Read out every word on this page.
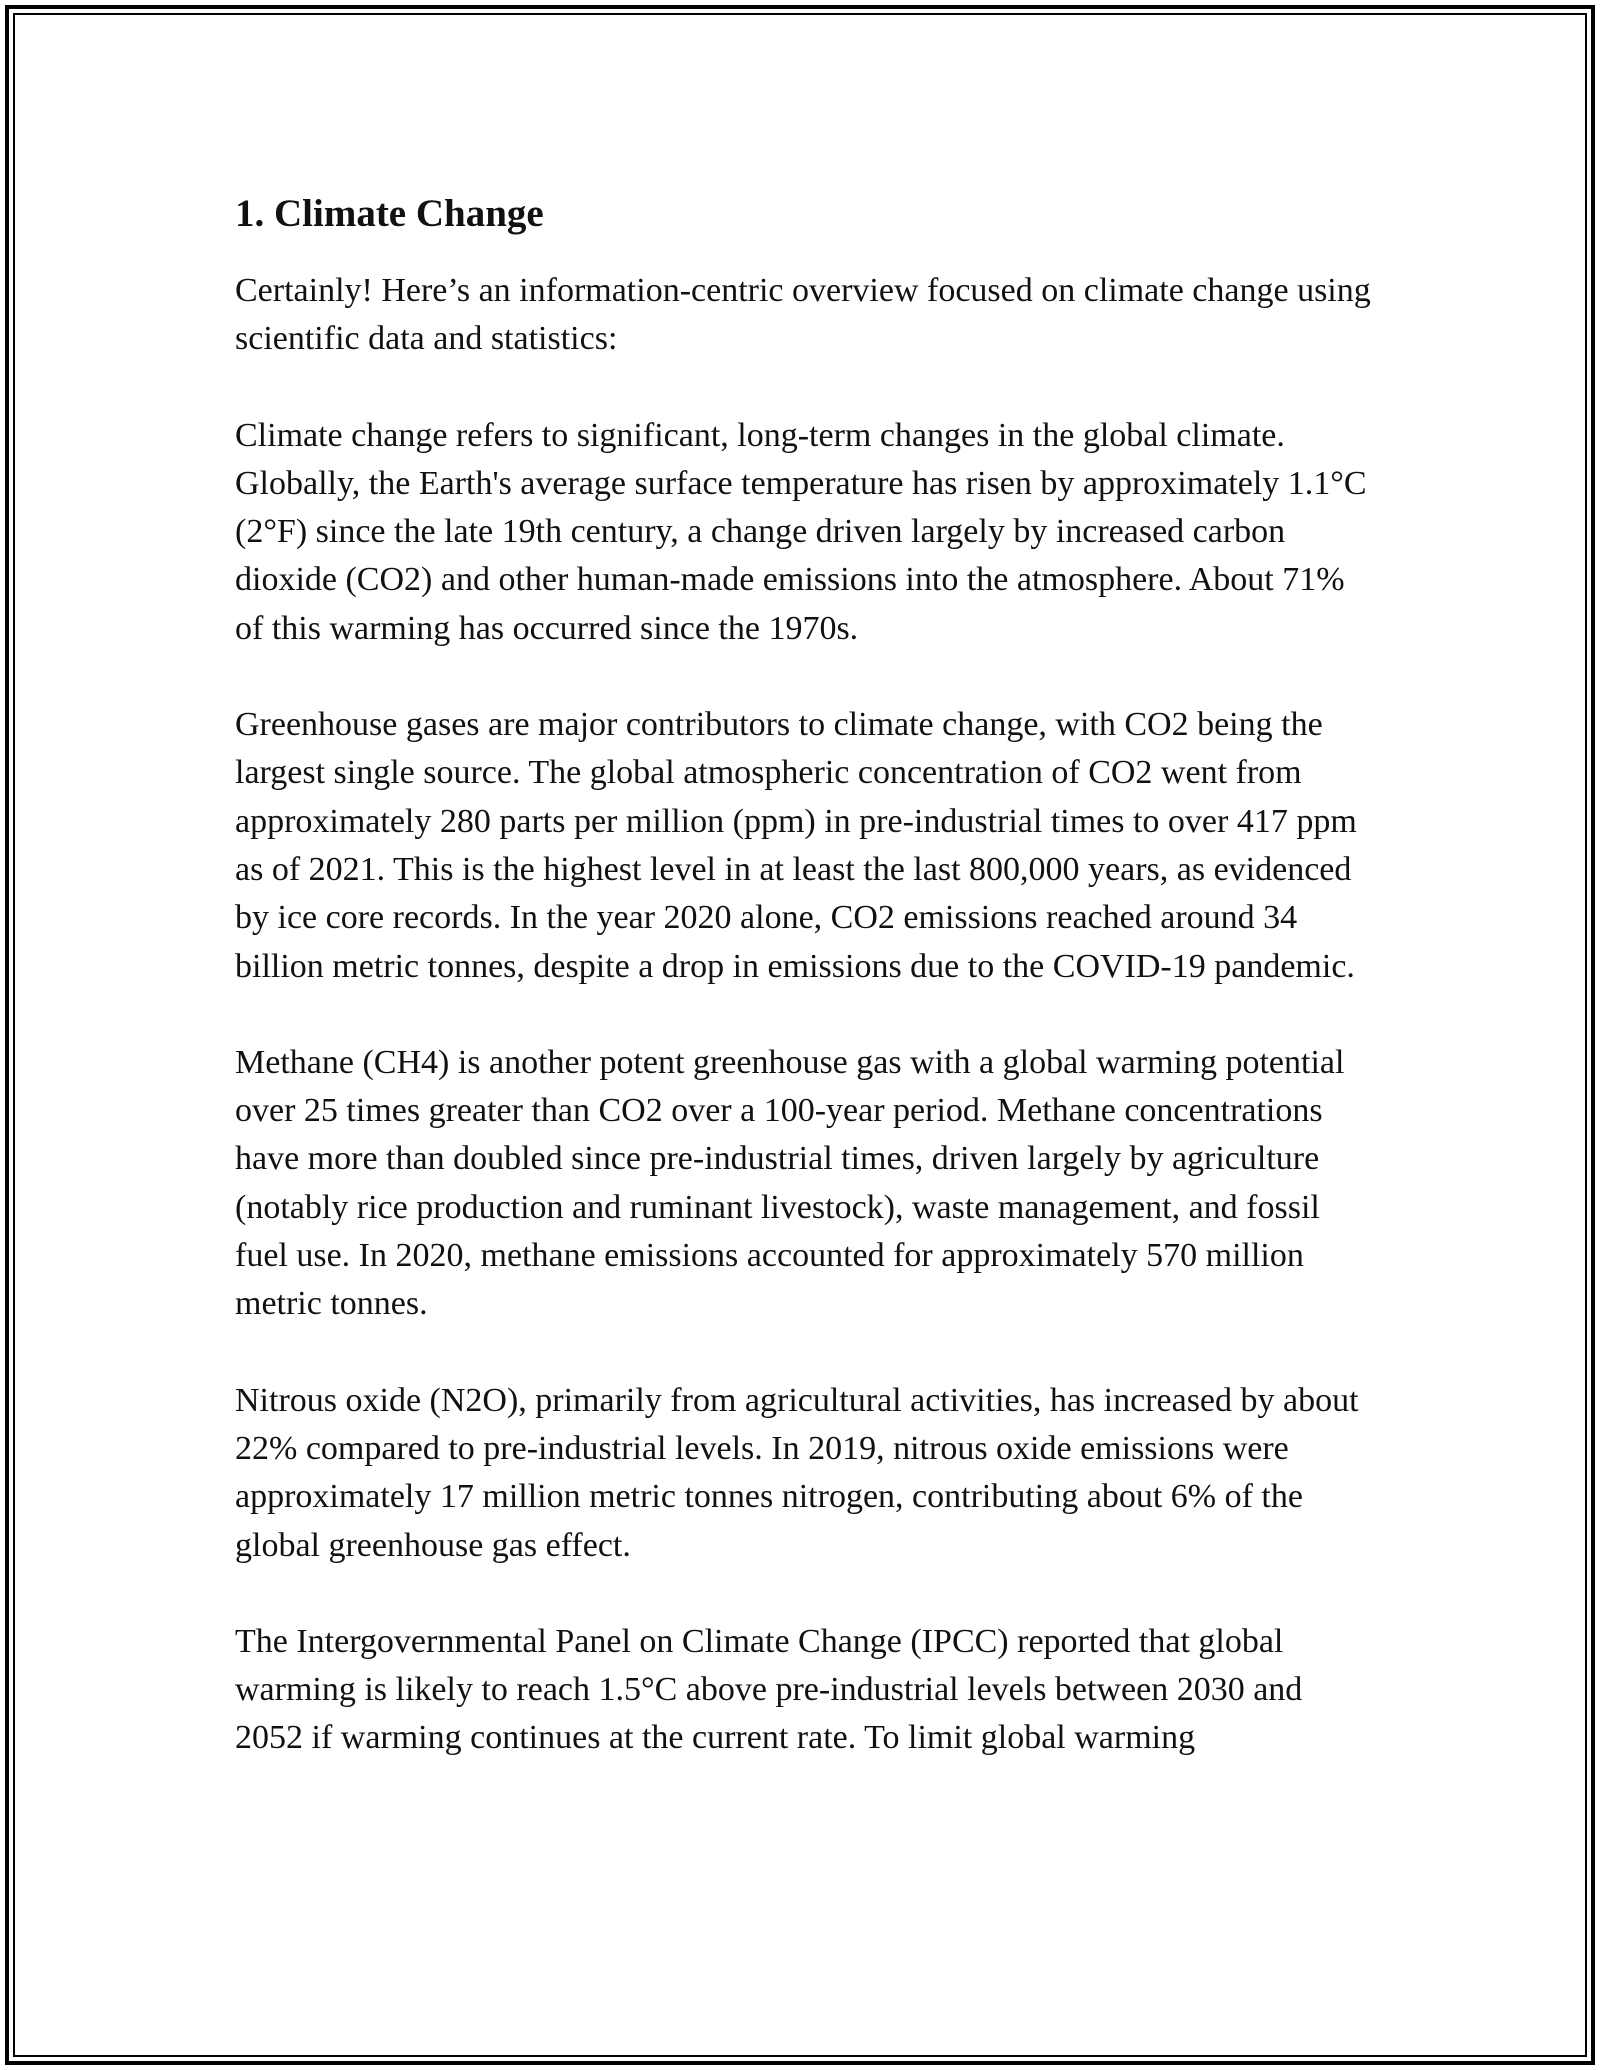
1. Climate Change

Certainly! Here’s an information-centric overview focused on climate change using scientific data and statistics:

Climate change refers to significant, long-term changes in the global climate. Globally, the Earth's average surface temperature has risen by approximately 1.1°C (2°F) since the late 19th century, a change driven largely by increased carbon dioxide (CO2) and other human-made emissions into the atmosphere. About 71% of this warming has occurred since the 1970s.

Greenhouse gases are major contributors to climate change, with CO2 being the largest single source. The global atmospheric concentration of CO2 went from approximately 280 parts per million (ppm) in pre-industrial times to over 417 ppm as of 2021. This is the highest level in at least the last 800,000 years, as evidenced by ice core records. In the year 2020 alone, CO2 emissions reached around 34 billion metric tonnes, despite a drop in emissions due to the COVID-19 pandemic.

Methane (CH4) is another potent greenhouse gas with a global warming potential over 25 times greater than CO2 over a 100-year period. Methane concentrations have more than doubled since pre-industrial times, driven largely by agriculture (notably rice production and ruminant livestock), waste management, and fossil fuel use. In 2020, methane emissions accounted for approximately 570 million metric tonnes.

Nitrous oxide (N2O), primarily from agricultural activities, has increased by about 22% compared to pre-industrial levels. In 2019, nitrous oxide emissions were approximately 17 million metric tonnes nitrogen, contributing about 6% of the global greenhouse gas effect.

The Intergovernmental Panel on Climate Change (IPCC) reported that global warming is likely to reach 1.5°C above pre-industrial levels between 2030 and 2052 if warming continues at the current rate. To limit global warming
